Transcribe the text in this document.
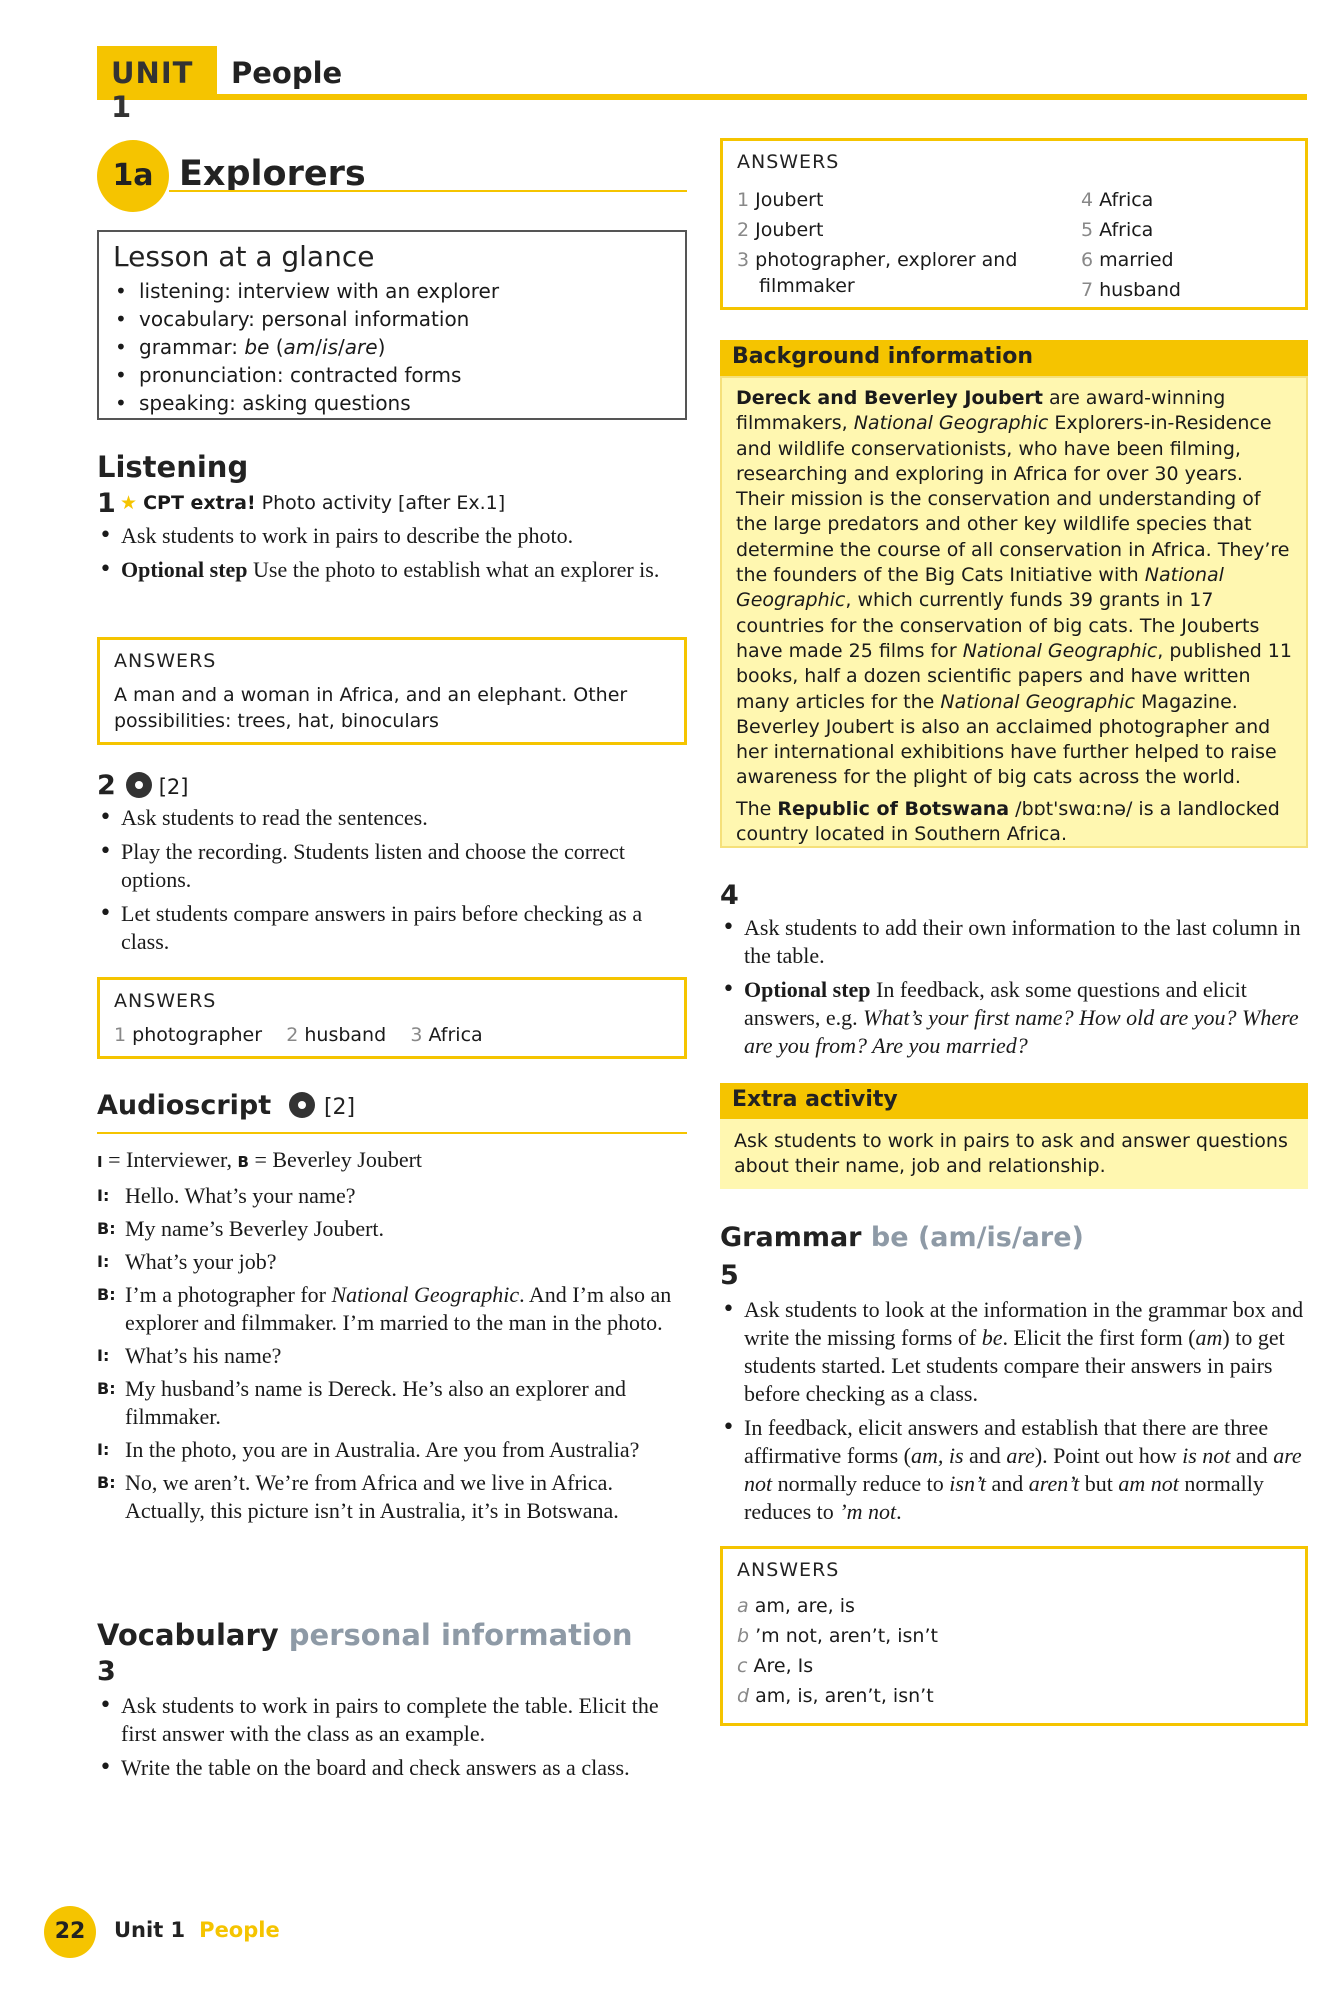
UNIT 1
People
1a Explorers
Lesson at a glance
• listening: interview with an explorer
• vocabulary: personal information
• grammar: be (am/is/are)
• pronunciation: contracted forms
• speaking: asking questions
Listening
1 ★ CPT extra! Photo activity [after Ex.1]
• Ask students to work in pairs to describe the photo.
• Optional step Use the photo to establish what an explorer is.
ANSWERS
A man and a woman in Africa, and an elephant. Other possibilities: trees, hat, binoculars
2	[2]
• Ask students to read the sentences.
• Play the recording. Students listen and choose the correct options.
• Let students compare answers in pairs before checking as a class.
ANSWERS
1 photographer 2 husband 3 Africa
Audioscript [2]
I = Interviewer, B = Beverley Joubert
I: Hello. What’s your name?
B: My name’s Beverley Joubert.
I: What’s your job?
B: I’m a photographer for National Geographic. And I’m also an explorer and filmmaker. I’m married to the man in the photo.
I: What’s his name?
B: My husband’s name is Dereck. He’s also an explorer and filmmaker.
I: In the photo, you are in Australia. Are you from Australia?
B: No, we aren’t. We’re from Africa and we live in Africa. Actually, this picture isn’t in Australia, it’s in Botswana.
Vocabulary personal information
3
• Ask students to work in pairs to complete the table. Elicit the first answer with the class as an example.
• Write the table on the board and check answers as a class.
ANSWERS
1 Joubert
2 Joubert
3 photographer, explorer and filmmaker
4 Africa
5 Africa
6 married
7 husband
Background information

Dereck and Beverley Joubert are award-winning filmmakers, National Geographic Explorers-in-Residence and wildlife conservationists, who have been filming, researching and exploring in Africa for over 30 years. Their mission is the conservation and understanding of the large predators and other key wildlife species that determine the course of all conservation in Africa. They’re the founders of the Big Cats Initiative with National Geographic, which currently funds 39 grants in 17 countries for the conservation of big cats. The Jouberts have made 25 films for National Geographic, published 11 books, half a dozen scientific papers and have written many articles for the National Geographic Magazine. Beverley Joubert is also an acclaimed photographer and her international exhibitions have further helped to raise awareness for the plight of big cats across the world.

The Republic of Botswana /bɒt'swɑːnə/ is a landlocked country located in Southern Africa.

4
• Ask students to add their own information to the last column in the table.
• Optional step In feedback, ask some questions and elicit answers, e.g. What’s your first name? How old are you? Where are you from? Are you married?
Extra activity
Ask students to work in pairs to ask and answer questions about their name, job and relationship.
Grammar be (am/is/are)
5
• Ask students to look at the information in the grammar box and write the missing forms of be. Elicit the first form (am) to get students started. Let students compare their answers in pairs before checking as a class.
• In feedback, elicit answers and establish that there are three affirmative forms (am, is and are). Point out how is not and are not normally reduce to isn’t and aren’t but am not normally reduces to ’m not.
ANSWERS
a am, are, is
b ’m not, aren’t, isn’t
c Are, Is
d am, is, aren’t, isn’t
22	Unit 1 People
